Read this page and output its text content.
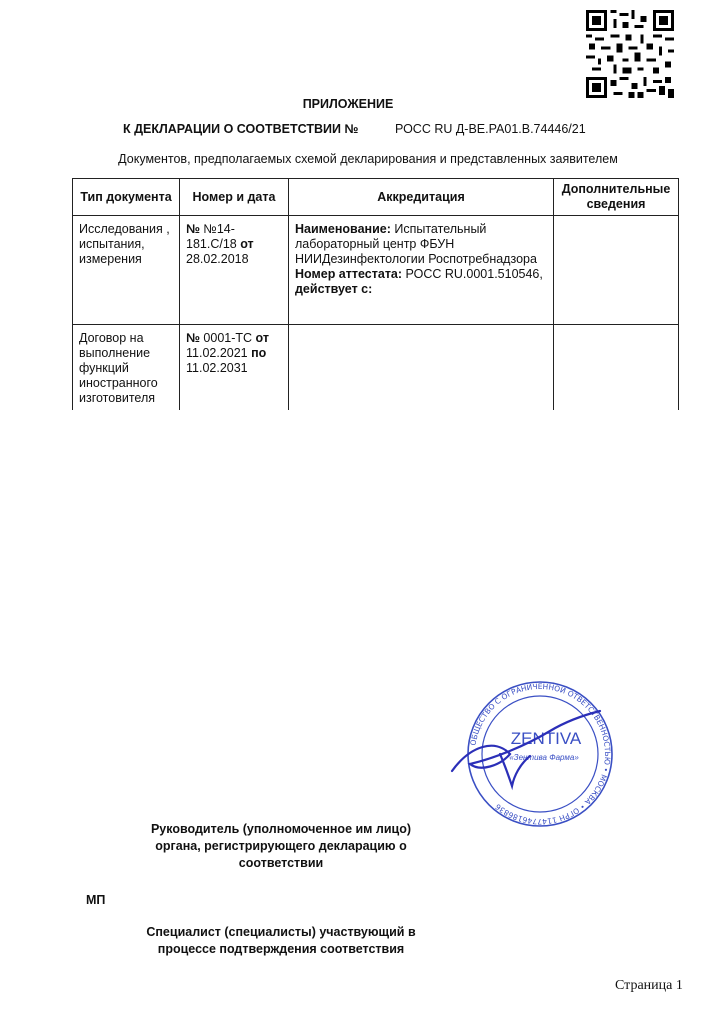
ПРИЛОЖЕНИЕ
К ДЕКЛАРАЦИИ О СООТВЕТСТВИИ №	РОСС RU Д-BE.PA01.B.74446/21
Документов, предполагаемых схемой декларирования и представленных заявителем
Тип документа	Номер и дата	Аккредитация	Дополнительные сведения
Исследования , испытания, измерения	№ №14-181.С/18 от 28.02.2018	Наименование: Испытательный лабораторный центр ФБУН НИИДезинфектологии Роспотребнадзора
Номер аттестата: РОСС RU.0001.510546, действует с:	
Договор на выполнение функций иностранного изготовителя	№ 0001-ТС от 11.02.2021 по 11.02.2031		
ОБЩЕСТВО С ОГРАНИЧЕННОЙ ОТВЕТСТВЕННОСТЬЮ • МОСКВА • ОГРН 1147746186836
ZENTIVA
«Зентива Фарма»
Руководитель (уполномоченное им лицо) органа, регистрирующего декларацию о соответствии
МП
Специалист (специалисты) участвующий в процессе подтверждения соответствия
Страница 1
